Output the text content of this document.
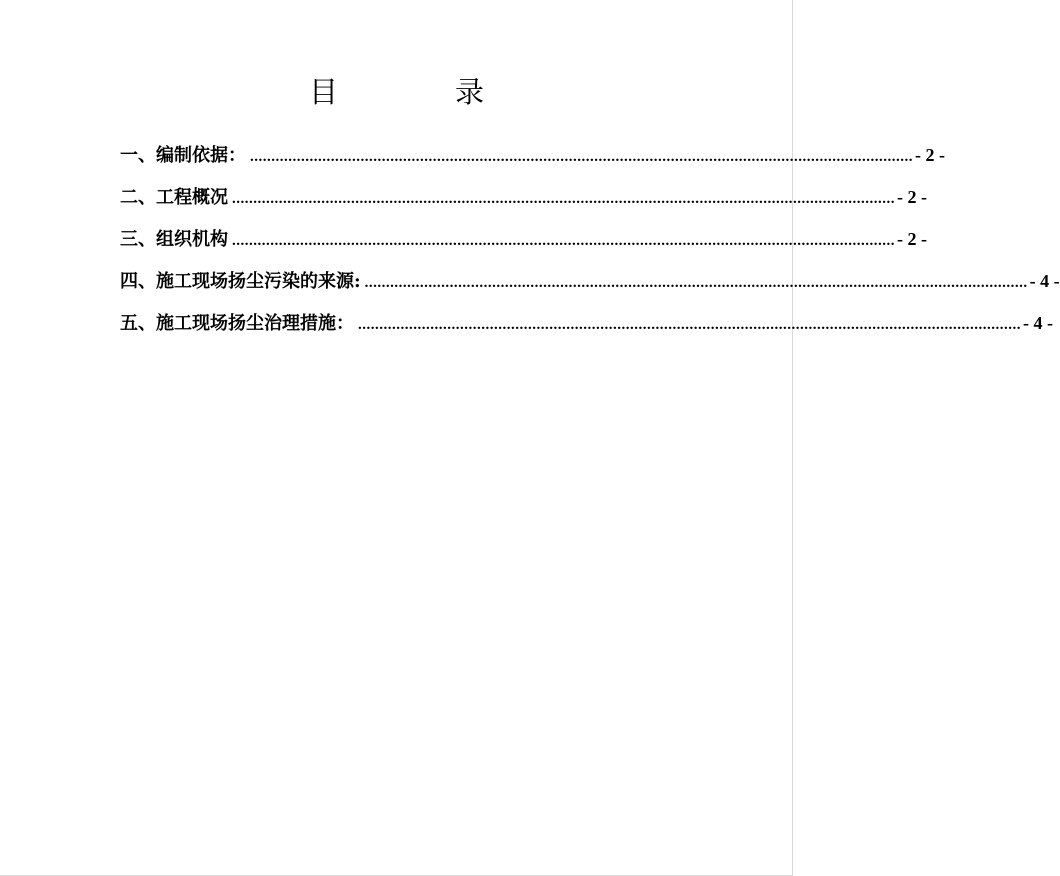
目　录
一、编制依据： ............................................................................................................................................................ - 2 -
二、工程概况 ............................................................................................................................................................ - 2 -
三、组织机构 ............................................................................................................................................................ - 2 -
四、施工现场扬尘污染的来源: ............................................................................................................................................................ - 4 -
五、施工现场扬尘治理措施： ............................................................................................................................................................ - 4 -
